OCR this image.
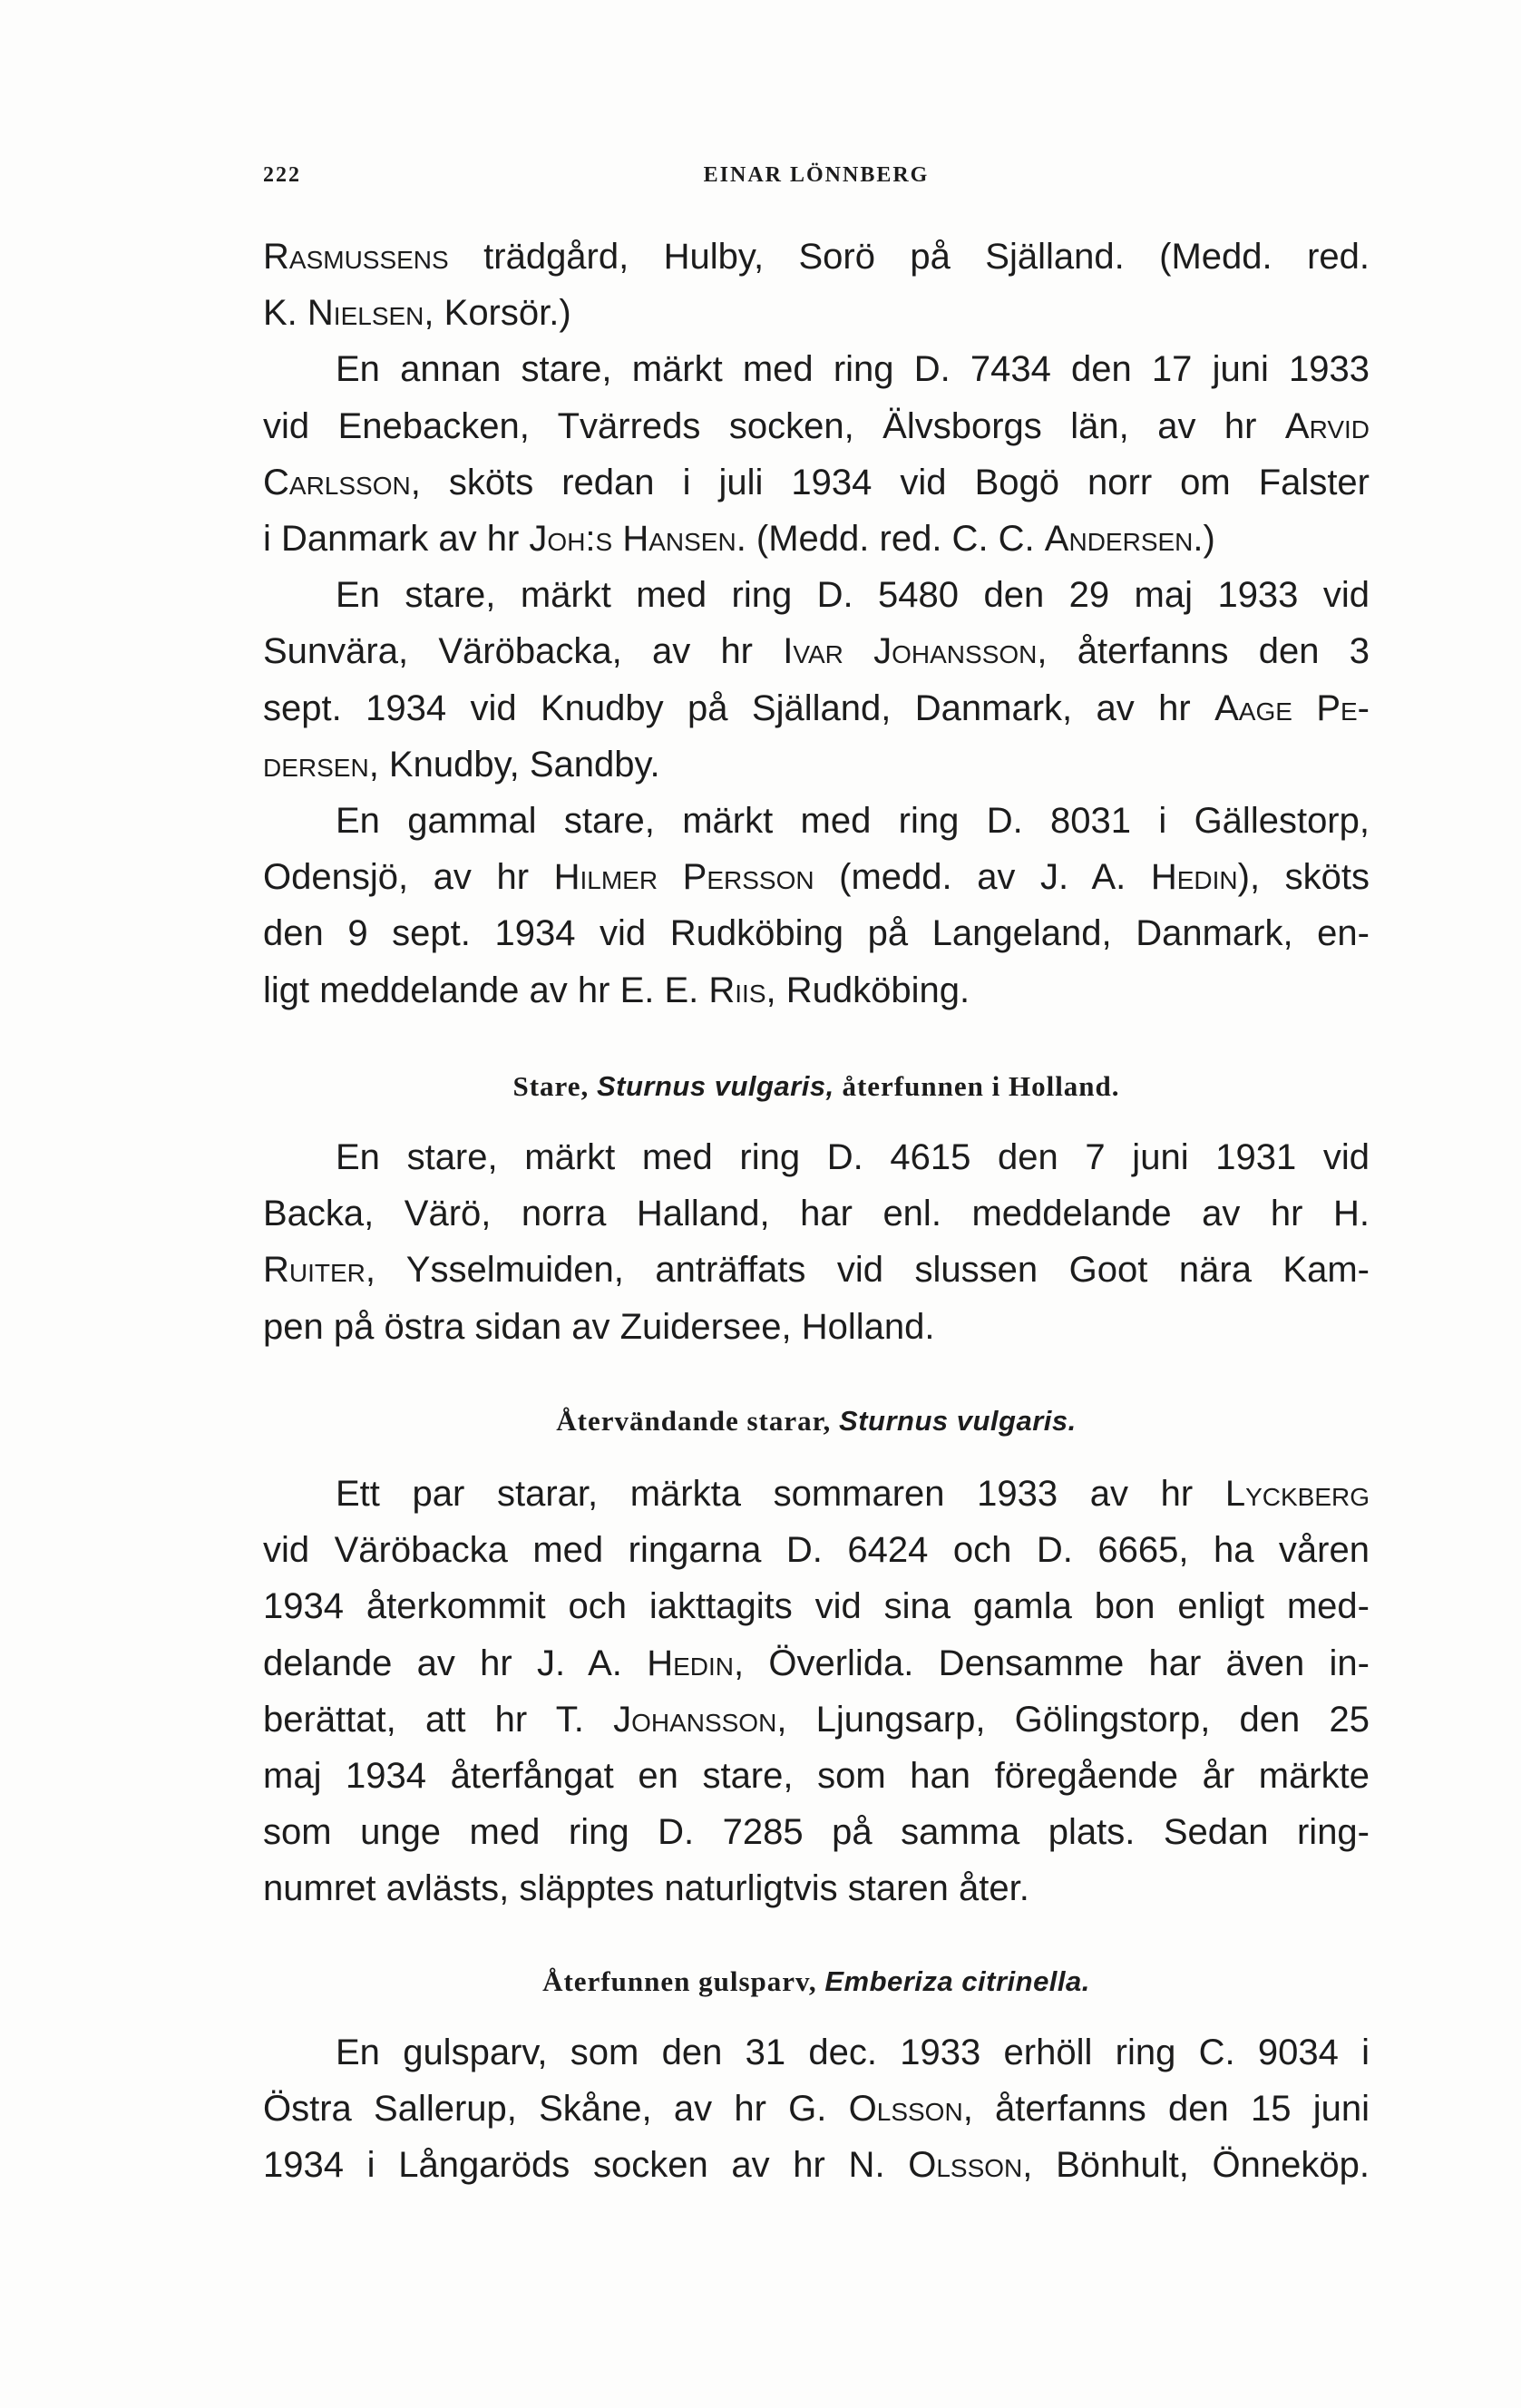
222	EINAR LÖNNBERG

Rasmussens trädgård, Hulby, Sorö på Själland. (Medd. red.
K. Nielsen, Korsör.)

En annan stare, märkt med ring D. 7434 den 17 juni 1933
vid Enebacken, Tvärreds socken, Älvsborgs län, av hr Arvid
Carlsson, sköts redan i juli 1934 vid Bogö norr om Falster
i Danmark av hr Joh:s Hansen. (Medd. red. C. C. Andersen.)

En stare, märkt med ring D. 5480 den 29 maj 1933 vid
Sunvära, Väröbacka, av hr Ivar Johansson, återfanns den 3
sept. 1934 vid Knudby på Själland, Danmark, av hr Aage Pe-
dersen, Knudby, Sandby.

En gammal stare, märkt med ring D. 8031 i Gällestorp,
Odensjö, av hr Hilmer Persson (medd. av J. A. Hedin), sköts
den 9 sept. 1934 vid Rudköbing på Langeland, Danmark, en-
ligt meddelande av hr E. E. Riis, Rudköbing.

Stare, Sturnus vulgaris, återfunnen i Holland.

En stare, märkt med ring D. 4615 den 7 juni 1931 vid
Backa, Värö, norra Halland, har enl. meddelande av hr H.
Ruiter, Ysselmuiden, anträffats vid slussen Goot nära Kam-
pen på östra sidan av Zuidersee, Holland.

Återvändande starar, Sturnus vulgaris.

Ett par starar, märkta sommaren 1933 av hr Lyckberg
vid Väröbacka med ringarna D. 6424 och D. 6665, ha våren
1934 återkommit och iakttagits vid sina gamla bon enligt med-
delande av hr J. A. Hedin, Överlida. Densamme har även in-
berättat, att hr T. Johansson, Ljungsarp, Gölingstorp, den 25
maj 1934 återfångat en stare, som han föregående år märkte
som unge med ring D. 7285 på samma plats. Sedan ring-
numret avlästs, släpptes naturligtvis staren åter.

Återfunnen gulsparv, Emberiza citrinella.

En gulsparv, som den 31 dec. 1933 erhöll ring C. 9034 i
Östra Sallerup, Skåne, av hr G. Olsson, återfanns den 15 juni
1934 i Långaröds socken av hr N. Olsson, Bönhult, Önneköp.
